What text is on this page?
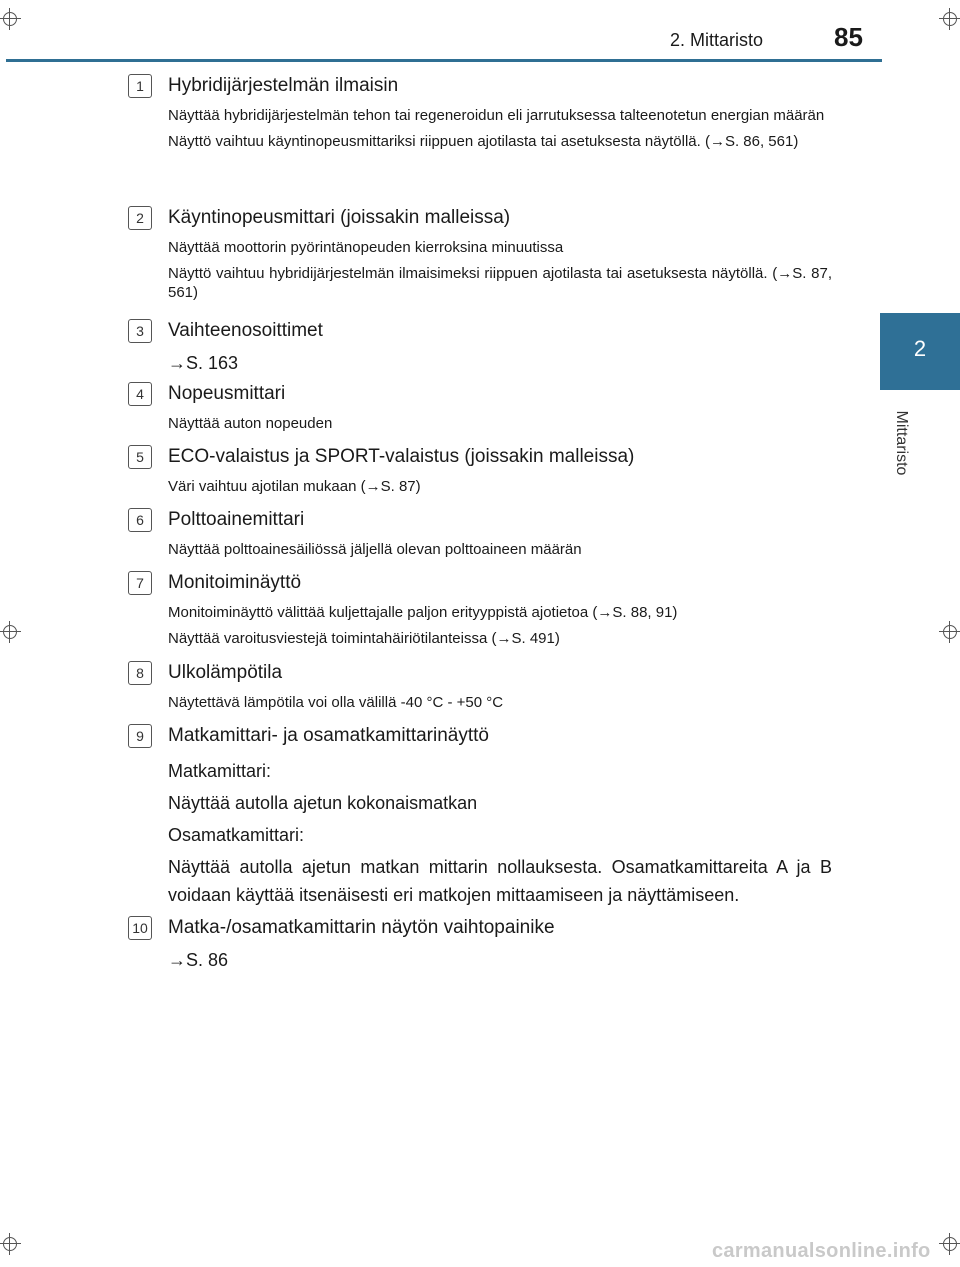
2. Mittaristo	85
2
Mittaristo
1	Hybridijärjestelmän ilmaisin
Näyttää hybridijärjestelmän tehon tai regeneroidun eli jarrutuksessa talteenotetun energian määrän
Näyttö vaihtuu käyntinopeusmittariksi riippuen ajotilasta tai asetuksesta näytöllä. (→S. 86, 561)
2	Käyntinopeusmittari (joissakin malleissa)
Näyttää moottorin pyörintänopeuden kierroksina minuutissa
Näyttö vaihtuu hybridijärjestelmän ilmaisimeksi riippuen ajotilasta tai asetuksesta näytöllä. (→S. 87, 561)
3	Vaihteenosoittimet
→S. 163
4	Nopeusmittari
Näyttää auton nopeuden
5	ECO-valaistus ja SPORT-valaistus (joissakin malleissa)
Väri vaihtuu ajotilan mukaan (→S. 87)
6	Polttoainemittari
Näyttää polttoainesäiliössä jäljellä olevan polttoaineen määrän
7	Monitoiminäyttö
Monitoiminäyttö välittää kuljettajalle paljon erityyppistä ajotietoa (→S. 88, 91)
Näyttää varoitusviestejä toimintahäiriötilanteissa (→S. 491)
8	Ulkolämpötila
Näytettävä lämpötila voi olla välillä -40 °C - +50 °C
9	Matkamittari- ja osamatkamittarinäyttö
Matkamittari:
Näyttää autolla ajetun kokonaismatkan
Osamatkamittari:
Näyttää autolla ajetun matkan mittarin nollauksesta. Osamatkamittareita A ja B voidaan käyttää itsenäisesti eri matkojen mittaamiseen ja näyttämiseen.
10 Matka-/osamatkamittarin näytön vaihtopainike
→S. 86
carmanualsonline.info
